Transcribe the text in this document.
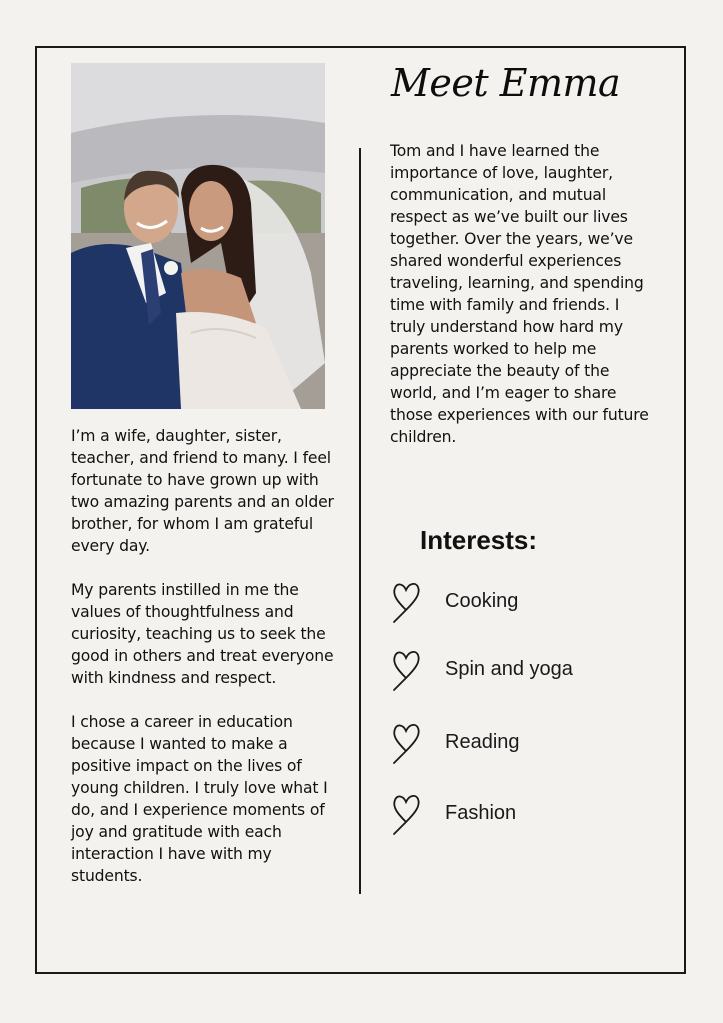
I’m a wife, daughter, sister, teacher, and friend to many. I feel fortunate to have grown up with two amazing parents and an older brother, for whom I am grateful every day.

My parents instilled in me the values of thoughtfulness and curiosity, teaching us to seek the good in others and treat everyone with kindness and respect.

I chose a career in education because I wanted to make a positive impact on the lives of young children. I truly love what I do, and I experience moments of joy and gratitude with each interaction I have with my students.

Meet Emma

Tom and I have learned the importance of love, laughter, communication, and mutual respect as we’ve built our lives together. Over the years, we’ve shared wonderful experiences traveling, learning, and spending time with family and friends. I truly understand how hard my parents worked to help me appreciate the beauty of the world, and I’m eager to share those experiences with our future children.

Interests:
Cooking
Spin and yoga
Reading
Fashion
